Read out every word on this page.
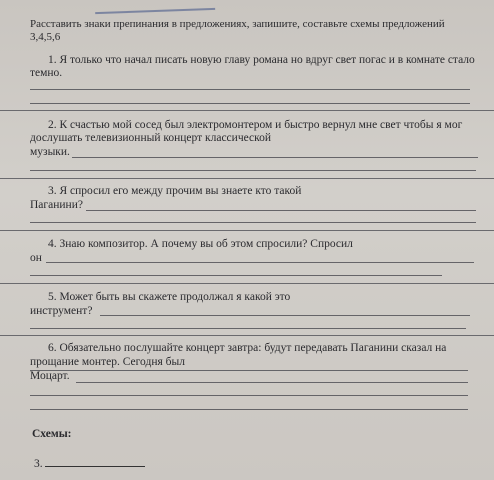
Расставить знаки препинания в предложениях, запишите, составьте схемы предложений
3,4,5,6
1. Я только что начал писать новую главу романа но вдруг свет погас и в комнате стало
темно.
2. К счастью мой сосед был электромонтером и быстро вернул мне свет чтобы я мог
дослушать телевизионный концерт классической
музыки.
3. Я спросил его между прочим вы знаете кто такой
Паганини?
4. Знаю композитор. А почему вы об этом спросили? Спросил
он
5. Может быть вы скажете продолжал я какой это
инструмент?
6. Обязательно послушайте концерт завтра: будут передавать Паганини сказал на
прощание монтер. Сегодня был
Моцарт.
Схемы:
3.
